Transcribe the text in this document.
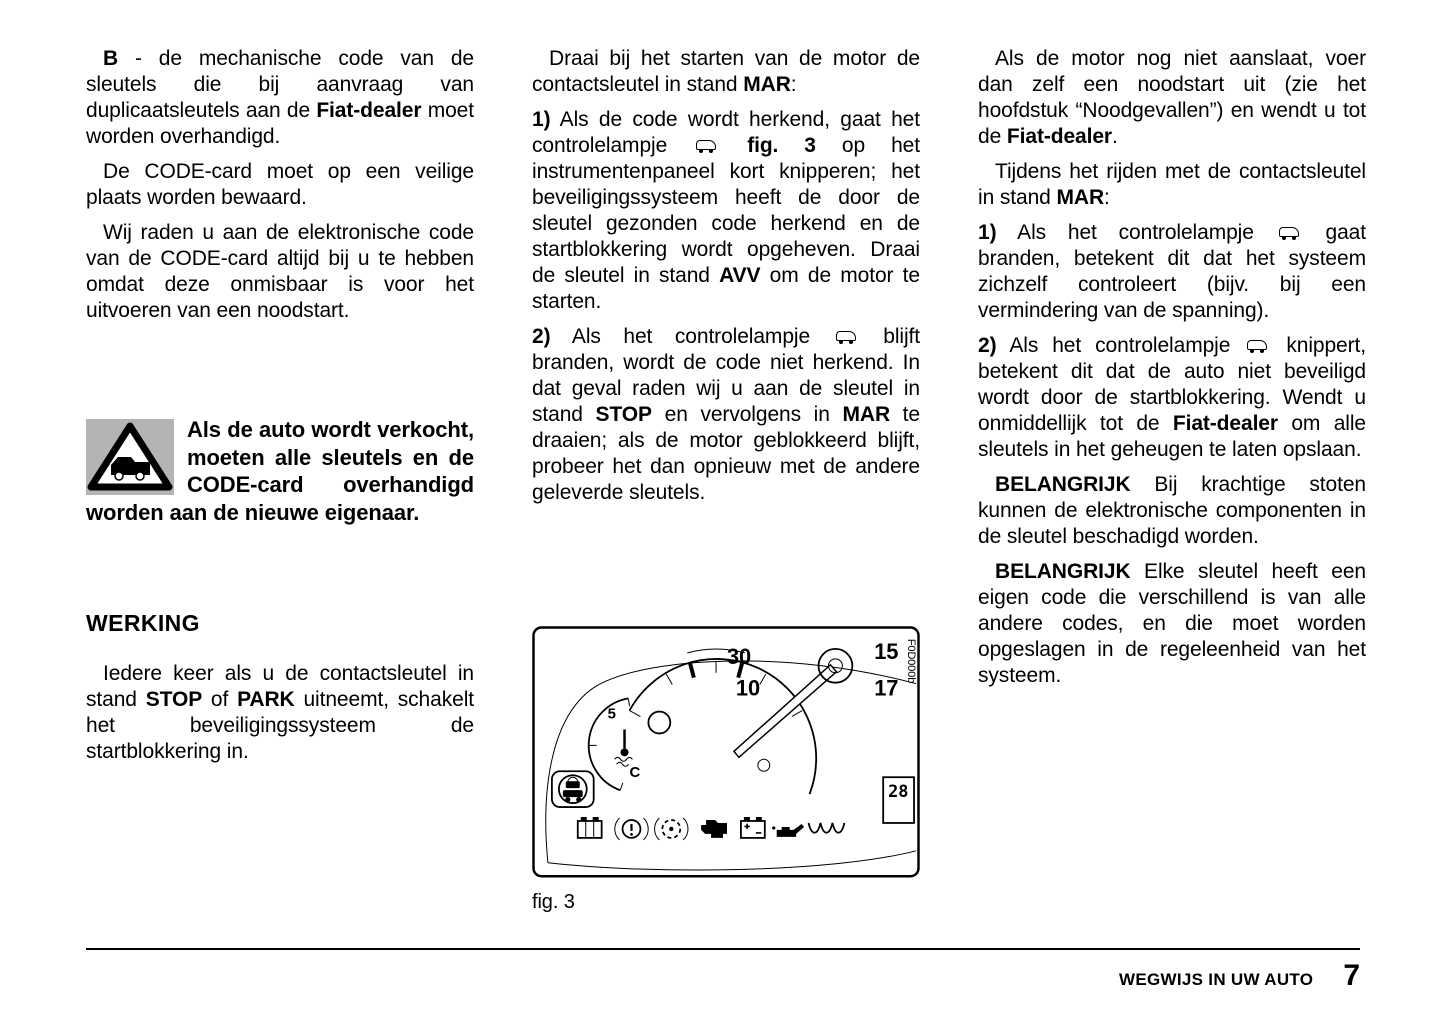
B - de mechanische code van de sleutels die bij aanvraag van duplicaatsleutels aan de Fiat-dealer moet worden overhandigd.

De CODE-card moet op een veilige plaats worden bewaard.

Wij raden u aan de elektronische code van de CODE-card altijd bij u te hebben omdat deze onmisbaar is voor het uitvoeren van een noodstart.

Als de auto wordt verkocht, moeten alle sleutels en de CODE-card overhandigd worden aan de nieuwe eigenaar.
WERKING

Iedere keer als u de contactsleutel in stand STOP of PARK uitneemt, schakelt het beveiligingssysteem de startblokkering in.

Draai bij het starten van de motor de contactsleutel in stand MAR:

1) Als de code wordt herkend, gaat het controlelampje	fig. 3 op het instrumentenpaneel kort knipperen; het beveiligingssysteem heeft de door de sleutel gezonden code herkend en de startblokkering wordt opgeheven. Draai de sleutel in stand AVV om de motor te starten.

2) Als het controlelampje  blijft branden, wordt de code niet herkend. In dat geval raden wij u aan de sleutel in stand STOP en vervolgens in MAR te draaien; als de motor geblokkeerd blijft, probeer het dan opnieuw met de andere geleverde sleutels.

30
10
15
17
5
C
28
F0D000b
fig. 3

Als de motor nog niet aanslaat, voer dan zelf een noodstart uit (zie het hoofdstuk “Noodgevallen”) en wendt u tot de Fiat-dealer.

Tijdens het rijden met de contactsleutel in stand MAR:

1) Als het controlelampje  gaat branden, betekent dit dat het systeem zichzelf controleert (bijv. bij een vermindering van de spanning).

2) Als het controlelampje  knippert, betekent dit dat de auto niet beveiligd wordt door de startblokkering. Wendt u onmiddellijk tot de Fiat-dealer om alle sleutels in het geheugen te laten opslaan.

BELANGRIJK Bij krachtige stoten kunnen de elektronische componenten in de sleutel beschadigd worden.

BELANGRIJK Elke sleutel heeft een eigen code die verschillend is van alle andere codes, en die moet worden opgeslagen in de regeleenheid van het systeem.

WEGWIJS IN UW AUTO 7
